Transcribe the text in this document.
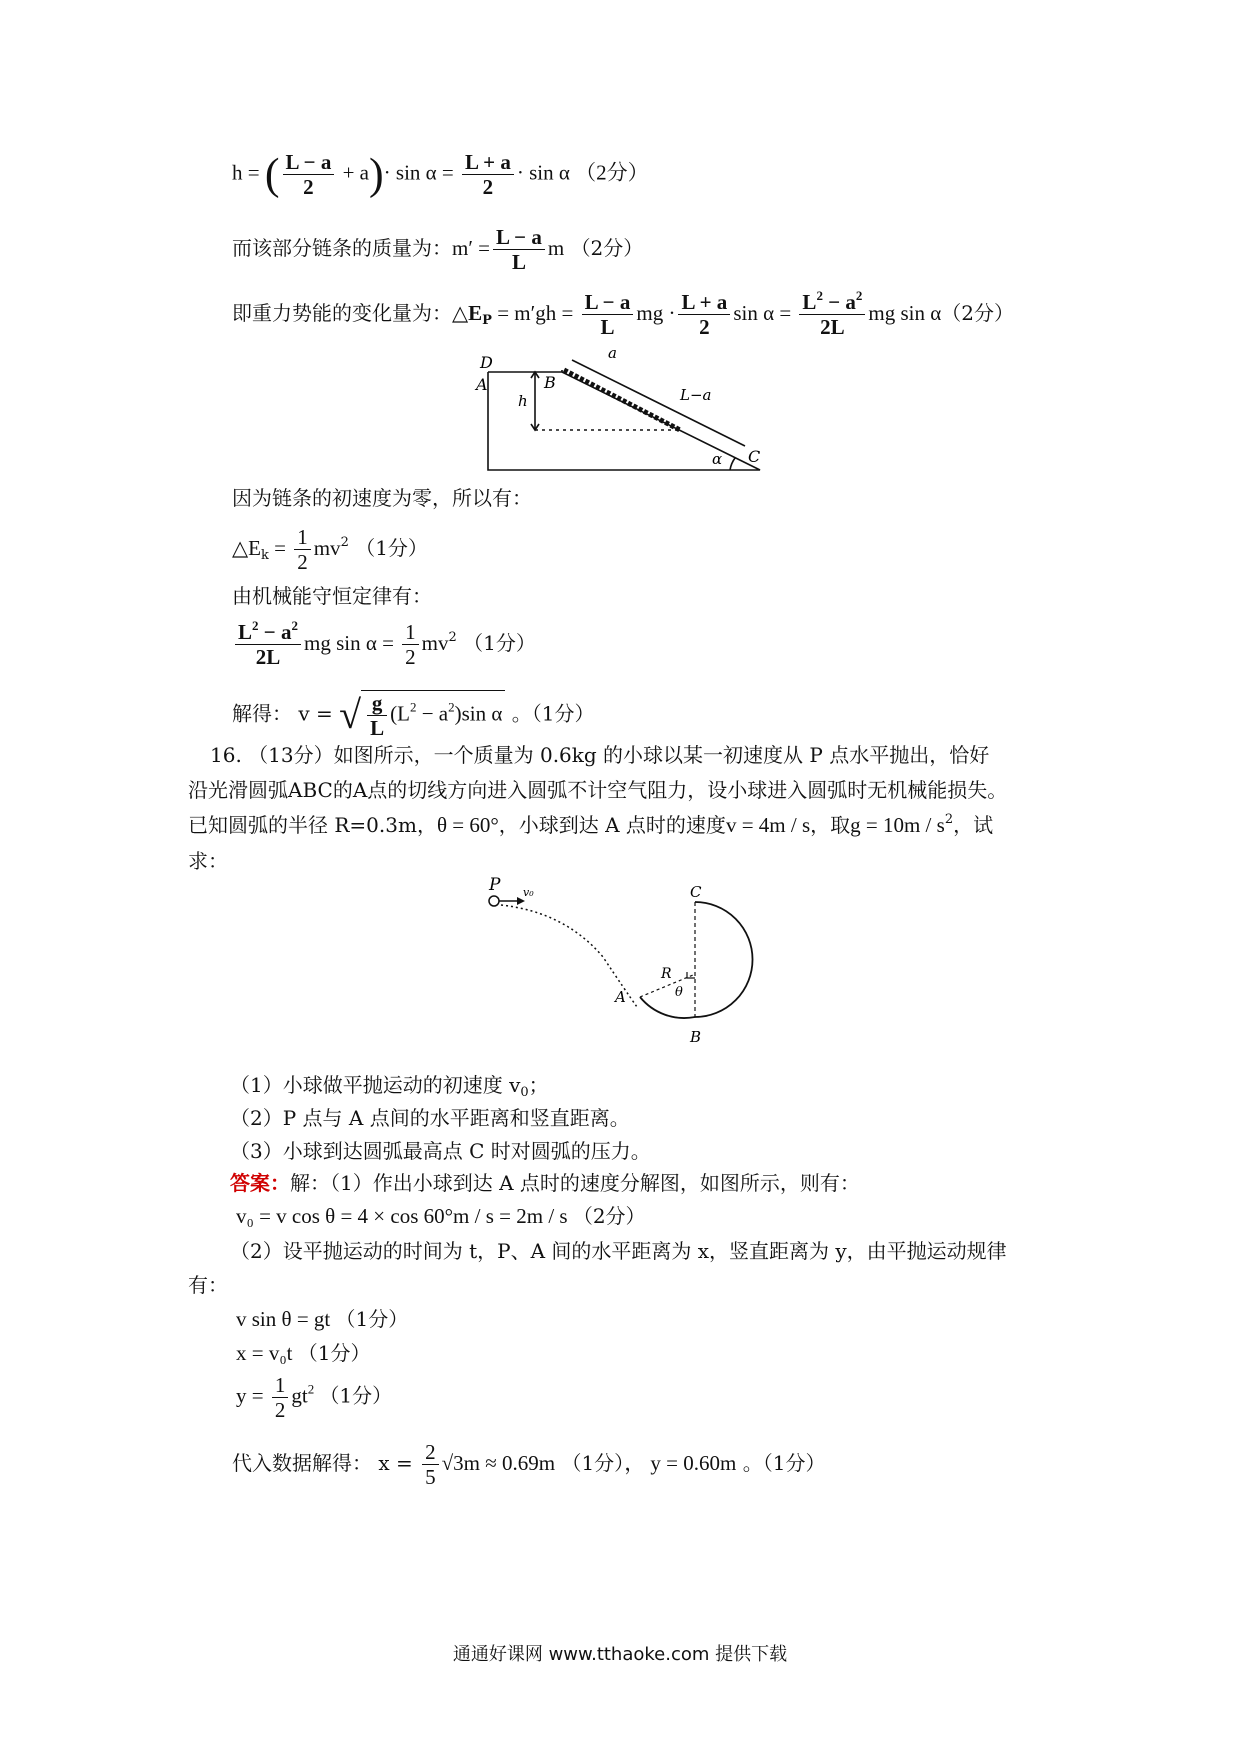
h = ( $\frac{L - a}{2} + a)\cdot \sin \alpha = \frac{L + a}{2} \cdot \sin \alpha$ （2分）
而该部分链条的质量为：$m' = \frac{L - a}{L}$ m （2分）
即重力势能的变化量为：$\triangle E_P = m'gh = \frac{L - a}{L}$ mg · $\frac{L + a}{2}$ $\sin \alpha = \frac{L^2 - a^2}{2L}$ mg sin α（2分）
D
A	B
h
a
L−a
α C
因为链条的初速度为零，所以有：
$\triangle E_k = \frac{1}{2} mv^2$ （1分）
由机械能守恒定律有：
$\frac{L^2 - a^2}{2L}$ mg $\sin \alpha = \frac{1}{2} mv^2$ （1分）
解得： v = √ $\frac{g}{L} (L^2 - a^2)\sin$ α 。（1分）
16. （13分）如图所示，一个质量为 0.6kg 的小球以某一初速度从 P 点水平抛出，恰好
沿光滑圆弧ABC的A点的切线方向进入圆弧不计空气阻力，设小球进入圆弧时无机械能损失。
已知圆弧的半径 R=0.3m，θ = 60°，小球到达 A 点时的速度v = 4m / s，取$g = 10m / s^2$，试
求：
P v₀
A
C
B
R
θ
（1）小球做平抛运动的初速度 $v_0$；
（2）P 点与 A 点间的水平距离和竖直距离。
（3）小球到达圆弧最高点 C 时对圆弧的压力。
答案：解：（1）作出小球到达 A 点时的速度分解图，如图所示，则有：
v₀ = v cos θ = 4 × cos 60°m / s = 2m / s （2分）
（2）设平抛运动的时间为 t，P、A 间的水平距离为 x，竖直距离为 y，由平抛运动规律
有：
v sin θ = gt （1分）
x = v₀t （1分）
$y = \frac{1}{2} gt^2$ （1分）
代入数据解得： $x = \frac{2}{5} √3m \approx 0.69m$ （1分）， y = 0.60m 。（1分）
通通好课网 www.tthaoke.com 提供下载
